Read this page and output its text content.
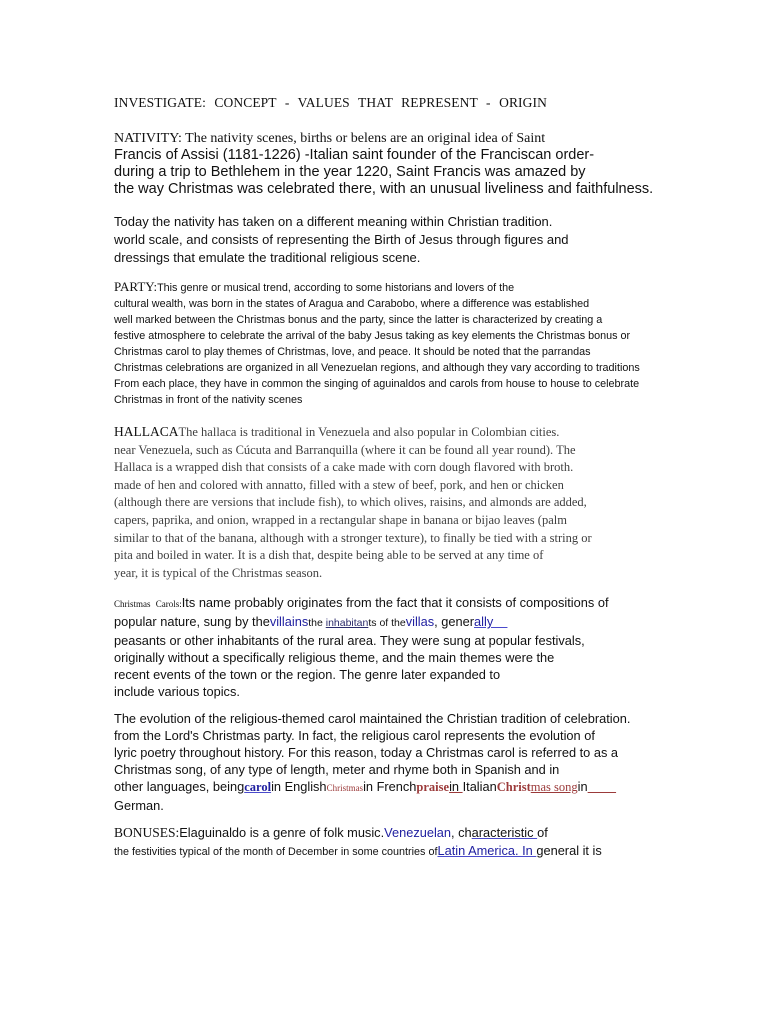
INVESTIGATE: CONCEPT - VALUES THAT REPRESENT - ORIGIN
NATIVITY: The nativity scenes, births or belens are an original idea of Saint
Francis of Assisi (1181-1226) -Italian saint founder of the Franciscan order-
during a trip to Bethlehem in the year 1220, Saint Francis was amazed by
the way Christmas was celebrated there, with an unusual liveliness and faithfulness.
Today the nativity has taken on a different meaning within Christian tradition.
world scale, and consists of representing the Birth of Jesus through figures and
dressings that emulate the traditional religious scene.
PARTY:This genre or musical trend, according to some historians and lovers of the
cultural wealth, was born in the states of Aragua and Carabobo, where a difference was established
well marked between the Christmas bonus and the party, since the latter is characterized by creating a
festive atmosphere to celebrate the arrival of the baby Jesus taking as key elements the Christmas bonus or
Christmas carol to play themes of Christmas, love, and peace. It should be noted that the parrandas
Christmas celebrations are organized in all Venezuelan regions, and although they vary according to traditions
From each place, they have in common the singing of aguinaldos and carols from house to house to celebrate
Christmas in front of the nativity scenes
HALLACAThe hallaca is traditional in Venezuela and also popular in Colombian cities.
near Venezuela, such as Cúcuta and Barranquilla (where it can be found all year round). The
Hallaca is a wrapped dish that consists of a cake made with corn dough flavored with broth.
made of hen and colored with annatto, filled with a stew of beef, pork, and hen or chicken
(although there are versions that include fish), to which olives, raisins, and almonds are added,
capers, paprika, and onion, wrapped in a rectangular shape in banana or bijao leaves (palm
similar to that of the banana, although with a stronger texture), to finally be tied with a string or
pita and boiled in water. It is a dish that, despite being able to be served at any time of
year, it is typical of the Christmas season.
Christmas Carols:Its name probably originates from the fact that it consists of compositions of
popular nature, sung by thevillainsthe inhabitants of thevillas, generally
peasants or other inhabitants of the rural area. They were sung at popular festivals,
originally without a specifically religious theme, and the main themes were the
recent events of the town or the region. The genre later expanded to
include various topics.
The evolution of the religious-themed carol maintained the Christian tradition of celebration.
from the Lord's Christmas party. In fact, the religious carol represents the evolution of
lyric poetry throughout history. For this reason, today a Christmas carol is referred to as a
Christmas song, of any type of length, meter and rhyme both in Spanish and in
other languages, beingcarolin EnglishChristmasin Frenchpraisein ItalianChristmas songin
German.
BONUSES:Elaguinaldo is a genre of folk music.Venezuelan, characteristic of
the festivities typical of the month of December in some countries ofLatin America. In general it is
